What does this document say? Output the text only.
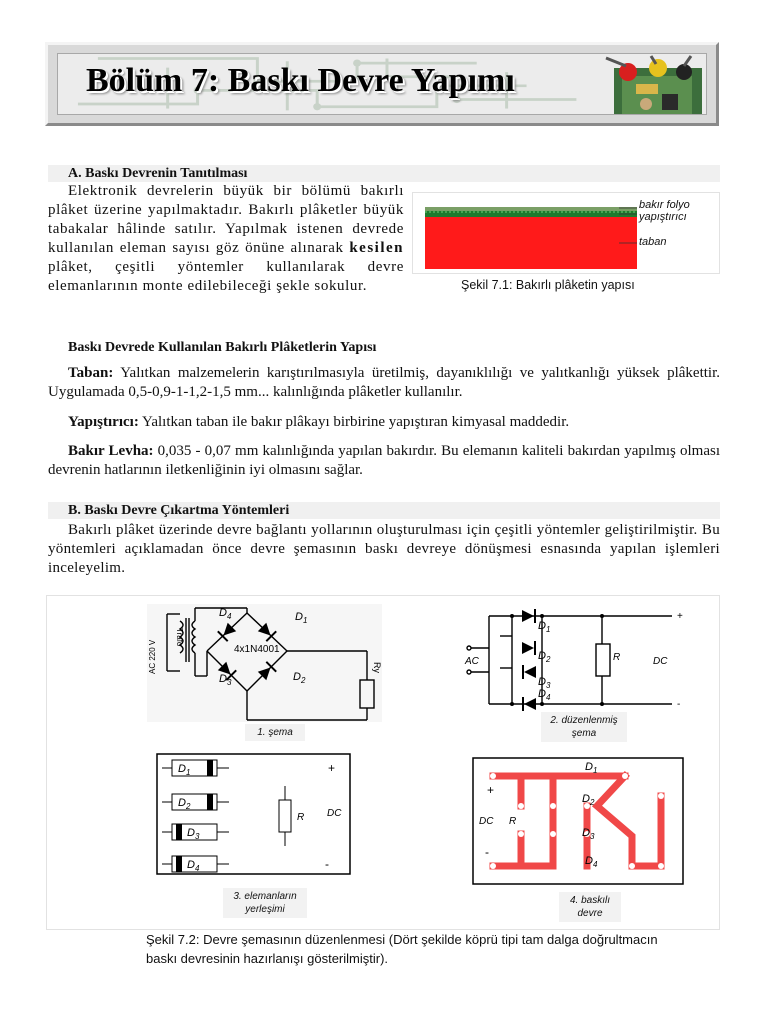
Bölüm 7: Baskı Devre Yapımı
A. Baskı Devrenin Tanıtılması
Elektronik devrelerin büyük bir bölümü bakırlı plâket üzerine yapılmaktadır. Bakırlı plâketler büyük tabakalar hâlinde satılır. Yapılmak istenen devrede kullanılan eleman sayısı göz önüne alınarak kesilen plâket, çeşitli yöntemler kullanılarak devre elemanlarının monte edilebileceği şekle sokulur.
bakır folyo
yapıştırıcı
taban
Şekil 7.1: Bakırlı plâketin yapısı
Baskı Devrede Kullanılan Bakırlı Plâketlerin Yapısı
Taban: Yalıtkan malzemelerin karıştırılmasıyla üretilmiş, dayanıklılığı ve yalıtkanlığı yüksek plâkettir. Uygulamada 0,5-0,9-1-1,2-1,5 mm... kalınlığında plâketler kullanılır.
Yapıştırıcı: Yalıtkan taban ile bakır plâkayı birbirine yapıştıran kimyasal maddedir.
Bakır Levha: 0,035 - 0,07 mm kalınlığında yapılan bakırdır. Bu elemanın kaliteli bakırdan yapılmış olması devrenin hatlarının iletkenliğinin iyi olmasını sağlar.
B. Baskı Devre Çıkartma Yöntemleri
Bakırlı plâket üzerinde devre bağlantı yollarının oluşturulması için çeşitli yöntemler geliştirilmiştir. Bu yöntemleri açıklamadan önce devre şemasının baskı devreye dönüşmesi esnasında yapılan işlemleri inceleyelim.
$D_4$	$D_1$
$D_3$	$D_2$
4x1N4001
AC 220 V
Trafo
Ry
$D_1$
$D_2$
$D_3$
$D_4$
AC	R	DC
+
-
$D_1$
$D_2$
$D_3$
$D_4$
R DC
+
-
$D_1$
$D_2$
$D_3$
$D_4$
DC R
+
-
1. şema
2. düzenlenmiş
şema
3. elemanların
yerleşimi
4. baskılı
devre
Şekil 7.2: Devre şemasının düzenlenmesi (Dört şekilde köprü tipi tam dalga doğrultmacın baskı devresinin hazırlanışı gösterilmiştir).
